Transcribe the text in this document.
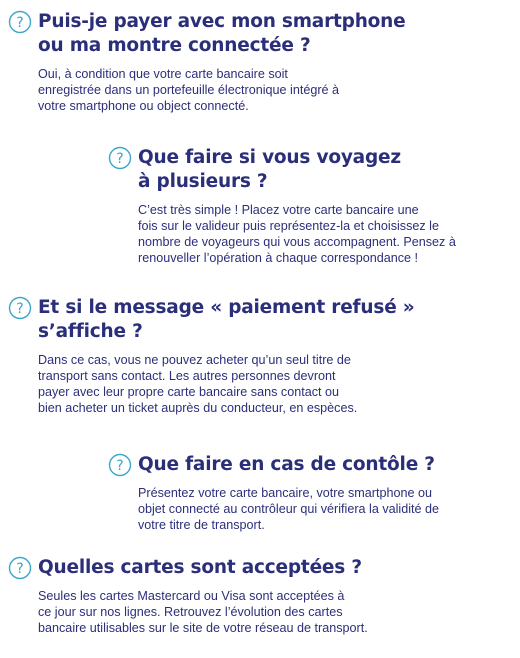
? Puis-je payer avec mon smartphone
ou ma montre connectée ?

Oui, à condition que votre carte bancaire soit
enregistrée dans un portefeuille électronique intégré à
votre smartphone ou object connecté.

? Que faire si vous voyagez
à plusieurs ?

C’est très simple ! Placez votre carte bancaire une
fois sur le valideur puis représentez-la et choisissez le
nombre de voyageurs qui vous accompagnent. Pensez à
renouveller l’opération à chaque correspondance !

? Et si le message « paiement refusé »
s’affiche ?

Dans ce cas, vous ne pouvez acheter qu’un seul titre de
transport sans contact. Les autres personnes devront
payer avec leur propre carte bancaire sans contact ou
bien acheter un ticket auprès du conducteur, en espèces.

? Que faire en cas de contôle ?

Présentez votre carte bancaire, votre smartphone ou
objet connecté au contrôleur qui vérifiera la validité de
votre titre de transport.

? Quelles cartes sont acceptées ?

Seules les cartes Mastercard ou Visa sont acceptées à
ce jour sur nos lignes. Retrouvez l’évolution des cartes
bancaire utilisables sur le site de votre réseau de transport.
